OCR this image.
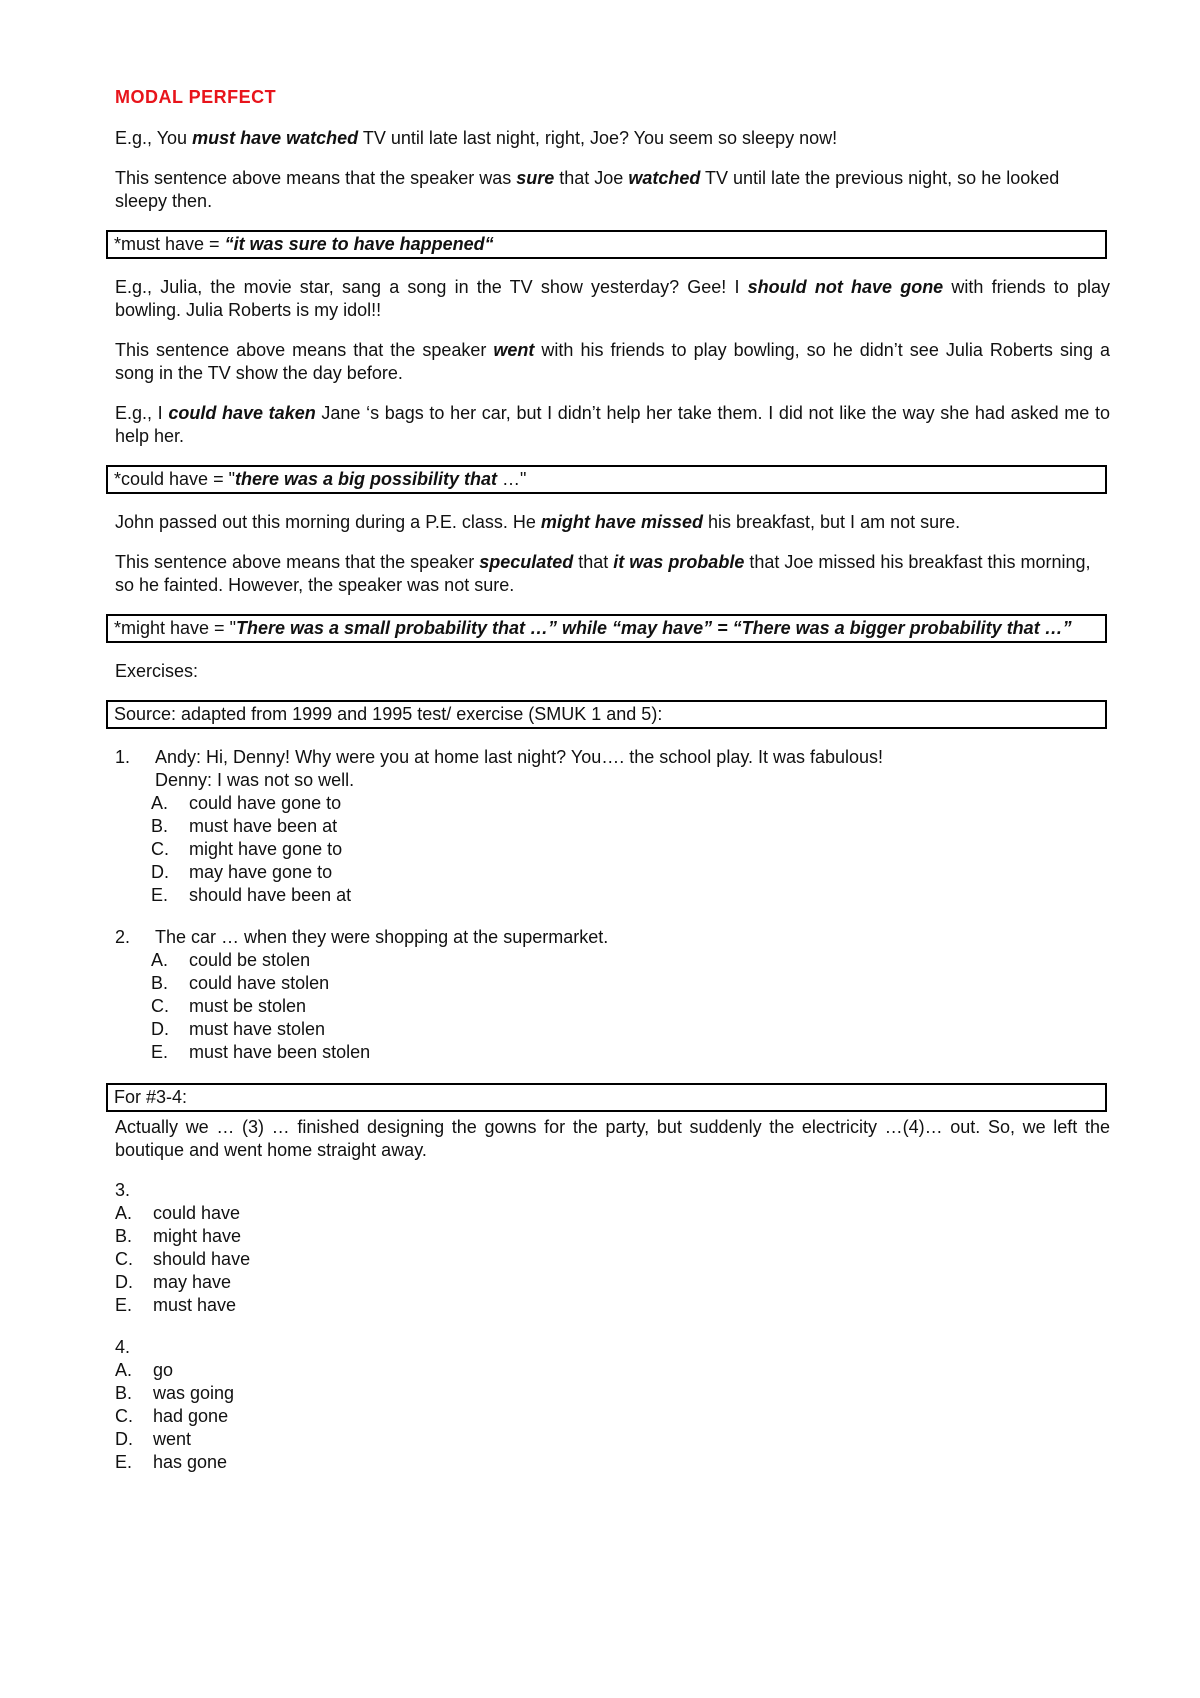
MODAL PERFECT

E.g., You must have watched TV until late last night, right, Joe? You seem so sleepy now!

This sentence above means that the speaker was sure that Joe watched TV until late the previous night, so he looked sleepy then.

*must have = “it was sure to have happened“

E.g., Julia, the movie star, sang a song in the TV show yesterday? Gee! I should not have gone with friends to play bowling. Julia Roberts is my idol!!

This sentence above means that the speaker went with his friends to play bowling, so he didn’t see Julia Roberts sing a song in the TV show the day before.

E.g., I could have taken Jane ‘s bags to her car, but I didn’t help her take them. I did not like the way she had asked me to help her.

*could have = "there was a big possibility that …"

John passed out this morning during a P.E. class. He might have missed his breakfast, but I am not sure.

This sentence above means that the speaker speculated that it was probable that Joe missed his breakfast this morning, so he fainted. However, the speaker was not sure.

*might have = "There was a small probability that …” while “may have” = “There was a bigger probability that …”

Exercises:

Source: adapted from 1999 and 1995 test/ exercise (SMUK 1 and 5):
1.	Andy: Hi, Denny! Why were you at home last night? You…. the school play. It was fabulous!
Denny: I was not so well.
A.	could have gone to
B.	must have been at
C.	might have gone to
D.	may have gone to
E.	should have been at
2.	The car … when they were shopping at the supermarket.
A.	could be stolen
B.	could have stolen
C.	must be stolen
D.	must have stolen
E.	must have been stolen
For #3-4:

Actually we … (3) … finished designing the gowns for the party, but suddenly the electricity …(4)… out. So, we left the boutique and went home straight away.

3.
A.	could have
B.	might have
C.	should have
D.	may have
E.	must have
4.
A.	go
B.	was going
C.	had gone
D.	went
E.	has gone
